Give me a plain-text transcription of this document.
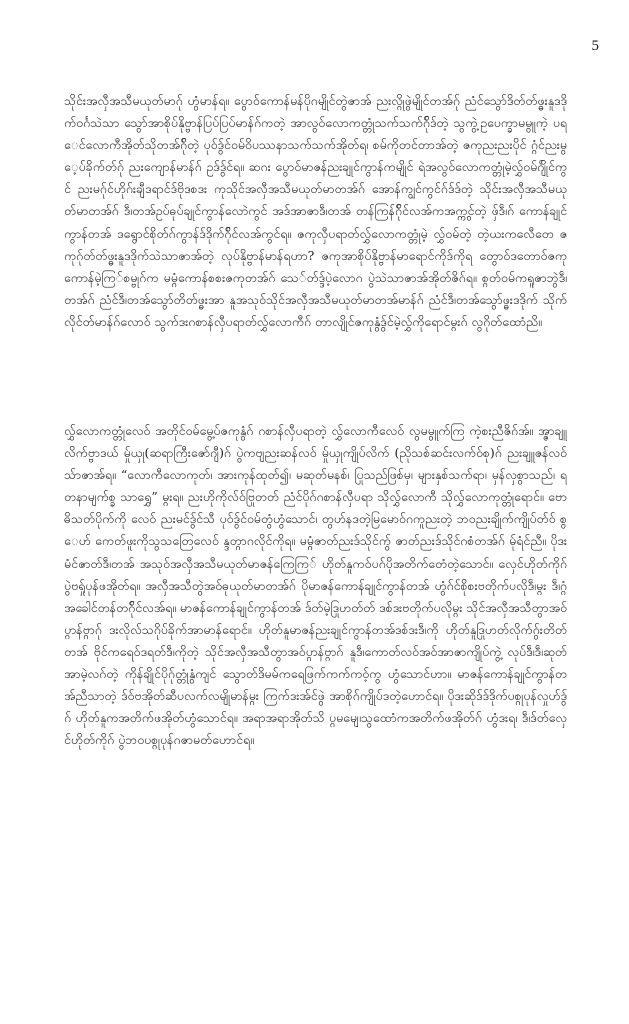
5
သိုင်းအလှီအသီမယုတ်မာဂ်ု ဟွံမာန်ရ။ ပွောဝ်ကောန်မန်ပိုဂမျိုင်တွဲဇာအ် ညးလ္ဂိုဖွဲမျိုင်တအ်ဂ်ု ညံင်သွော်ဒိတ်တ်ဖ္ဓးနူဒဒိုက်ဝင်္ဂသဲသာ သွော်အာစိုပ်နိုဗ္ဗာန်ပြပ်ပြပ်မာန်ဂ်ကတဲ့ အာလွဝ်လောကတ္တုံသက်သက်ဂ်ိုဒ်တဲ့ သွကွဲ့ဥပေက္ခာမမွူကဲ့ ပရေင်လောကီအိုတ်သိုတအ်ဂ်ိုတဲ့ ပုဝ်ဒွ်င်ဝမ်ဝိပဿနာသက်သက်အိုတ်ရ၊ စမ်ကိုတင်တာအ်တဲ့ ဇကုညးညးပိုင် ဂ္ဂံင်ညးမွေ့ပ်ခိုက်တ်ဂ်ု ညးကျောန်မာန်ဂ် ဥဒ်ဒွ်င်ရ။ ဆဂး ပွောဝ်မာဇန်ညးချုင်ကွာန်ကမျိုင် ရဲအလွဝ်လောကတ္တုံမဲ့လွှ်ဝမ်ဂ်ျိုင်ကွင် ညးမဂ်ုင်ဟိုဂ်းချီဒရာင်ဒ်ဗိုဒစဒး ကုသိုင်အလှီအသီမယုတ်မာတအ်ဂ် အောန်ကျွင်ကွင်ဂ်ဒ်ဒ်တဲ့ သိုင်းအလှီအသီမယုတ်မာတအ်ဂ် ဒဵ၊တအ်ဥပ်ဓုပ်ချုင်ကွာန်လောဲကွင် အဒ်အာဇာဒဵ၊တအ် တန်ကြန်ဂ်ိုင်လအ်ကအက္ကွင်တဲ့ ဖှ်ဒဵ၊ဂ် ကောန်ချုင်ကွာန်တအ် ဒရွောင်စိုတ်ဂ်ကွာန်ဒ်ဒိုက်ဂ်ိုင်လအ်ကွင်ရ။ ဇကုလှီပရာတ်လွှ်လောကတ္တုံမဲ့ လွှ်ဝမ်တဲ့ တဲ့ယးကလေီတေ ဇကုဂ်ုတ်တ်ဖ္ဓးနူဒဒိုက်သဲသာဇာအ်တဲ့ လုပ်နိုဗ္ဗာန်မာန်ရဟာ? ဇကုအာစိုပ်နိုဗ္ဗာန်မာရောင်ကိုဒ်ကိုရ တွောဝ်ဒတောဝ်ဇကု ကောန်မဲ့ကြ်စမ္ဗုဂ်က မမ္ဂံကောန်စစးဇကုတအ်ဂ် သေ်တ်ဒ္ဒ်ပဲ့လောဂ ပွဲသဲသာဇာအ်အိုတ်ဇိဂ်ရ။ စ္ဂတ်ဝမ်ကရူဇာဘွဲဒဵ၊တအ်ဂ် ညံင်ဒဵ၊တအ်သွော်တိတ်ဖ္ဓးအာ နူအသုဝ်သိုင်အလှီအသီမယုတ်မာတအ်မာန်ဂ် ညံင်ဒဵ၊တအ်သွော်ဖ္ဓးဒဒိုက် သိုက်လိုင်တ်မာန်ဂ်လောဝ် သွက်ဒးဂစာန်လှီပရာတ်လွှ်လောကီဂ် တာလျိုင်ဇကုနွံဒွ်င်မဲ့လွှ်ကိုရောင်မ္ဂးဂ် လွဂိုတ်ထောံညိ။
လွှ်လောကတ္တုံလေဝ် အတိုင်ဝမ်မွေ့ပ်ဇကုနွံဂ် ဂစာန်လှီပရာတဲ့ လွှ်လောကီလေဝ် လွမမွူက်ကြ ကဲ့စးညီဇိဂ်အ်။ အ္ဇာချူလိက်ဗ္ဗာဒယ် မှ်ုယှု(ဆရာကြီးဇော်ဂျီ)ဂ် ပွဲကဗျညးဆန်လဝ် မှ်ုယှုကျိုပ်လိက် (ညိုသစ်ဆင်းလက်ဝ်စု)ဂ် ညးချူဇန်လဝ်သ်ာဇာအ်ရ။ “လောကီလောကုတ်၊ အားကုန်ထုတ်၍၊ မဆုတ်မနစ်၊ ပြုသည်ဖြစ်မှ၊ များနှစ်သက်ရာ၊ မှန်လှစွာသည်၊ ရတနာမျက်စ္ခ သာရွှေ” မ္ဂးရ။ ညးဟိုကိုလ်ဝ်ဗြုတတ် ညံင်ပိုဂ်ဂစာန်လှီပရာ သိုလွှ်လောကီ သိုလွှ်လောကုတ္တုံရောင်။ ဗောဓိသတ်ပိုက်ကို လေဝ် ညးမင်ဒွ်င်သီ ပုဝ်ဒွ်င်ဝမ်တွံဟွံသောင်၊ တွဟ်နဒတဲ့မြမောဝ်ဂကူညးတဲ့ ဘဝညးချိုက်ကျိုပ်တ်ဝ် စွေဟ် ကေတ်ဖူးကိုသွသတြေလေဝ် န္ဒတ္ဂာဂလိုင်ကိုရ။ မမ္ဂံဇာတ်ညးဒ်သိုင်ကွ် ဇာတ်ညးဒ်သိုင်ဂစံတအ်ဂ် မ်ုရံင်ညီ။ ပိုဒးမံင်ဇာတ်ဒဵ၊တအ် အသုဝ်အလှီအသီမယုတ်မာဇန်ကြေကြ် ဟိုတ်နူကဝ်ပဂ်ပိုအတိက်တေံတဲ့သောင်။ လှေင်ဟိုတ်ကိုဂ် ပွဲဗရှ်ုပုန်ဖအိုတ်ရ။ အလှီအသီတွဲအဝ်ဓုယုတ်မာတအ်ဂ် ပိုမာဇန်ကောန်ချုင်ကွာန်တအ် ဟွံဂ်င်စိုစးဗတိုက်ပလိုဒဵ၊မ္ဂး ဒဵ၊ဂ္ဂံအခေါင်တန်တဂ်ိုင်လအ်ရ။ မာဇန်ကောန်ချုင်ကွာန်တအ် ဒ်တ်မဲ့ဒြုဟတ်တ် ဒစ်ဒးဗတိုက်ပလိုမ္ဂး သိုင်အလှီအသီတွာအဝ်ပ္ဂာန်ဗ္ဂာဂ်ု ဒးလိုလ်သဂိုပ်ခိုက်အာမာန်ရောင်။ ဟိုတ်နူမာဇန်ညးချုင်ကွာန်တအ်ဒစ်ဒးဒဵ၊ကို ဟိုတ်နူဒြုဟတ်လိုက်ဂွ်းတိတ်တအ် ဗိုင်ကရေဝ်ဒရတ်ဒဵ၊ကိုတဲ့ သိုင်အလှီအသီတွာအဝ်ပ္ဂာန်ဗ္ဂာဂ် နူဒဵ၊ကောတ်လဝ်အဝ်အာဇာကျိုပ်ကွဲ့ လုပ်ဒဵ၊ဒဵ၊ဆုတ်အာမဲ့လဂ်တဲ့ ကိုန်ချိုင်ပိုဂ်ုတ္တုံနွံကျင် သွောတ်ဒိမမ်ကရေဖြက်ကက်ကဝ့်ကွ ဟွံသောင်ဟာ။ မာဇန်ကောန်ချုင်ကွာန်တအ်ညီသာတဲ့ ဒ်ဝ်ဗအိုတ်ဆီပလက်လမျိုမာန်မ္ဂး ကြက်ဒးအ်င်ဖွဲ အာစိုဂ်ကျိုပ်ဒတဲ့ဟောင်ရ။ ပိုဒးဆိုဒ်ဒ်ဒိုက်ပစ္ဂုပုန်လှုဟ်ဒွ်ဂ် ဟိုတ်နူကအတိက်ဖအိုတ်ဟွံသောင်ရ။ အရာအရာအိုတ်သိ ပ္ဂမမျေ၊သွထောံကအတိက်ဖအိုတ်ဂ် ဟွံဒးရ၊ ဒဵ၊ဒ်တ်လှေင်ဟိုတ်ကိုဂ် ပွဲဘဝပစ္ဂုပုန်ဂဇာမတ်ဟောင်ရ။
